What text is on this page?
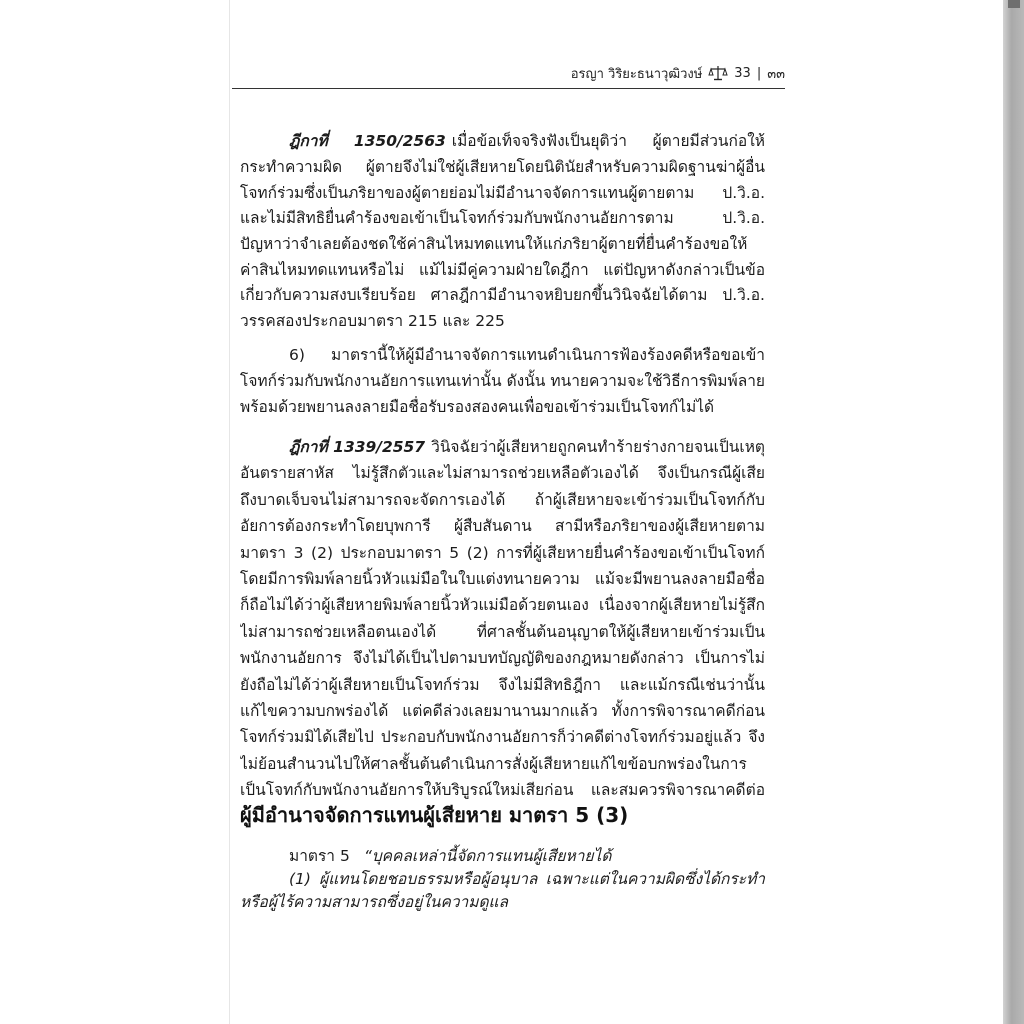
อรญา วิริยะธนาวุฒิวงษ์ 33 | ๓๓
ฎีกาที่ 1350/2563 เมื่อข้อเท็จจริงฟังเป็นยุติว่า ผู้ตายมีส่วนก่อให้
กระทำความผิด ผู้ตายจึงไม่ใช่ผู้เสียหายโดยนิตินัยสำหรับความผิดฐานฆ่าผู้อื่น
โจทก์ร่วมซึ่งเป็นภริยาของผู้ตายย่อมไม่มีอำนาจจัดการแทนผู้ตายตาม ป.วิ.อ.
และไม่มีสิทธิยื่นคำร้องขอเข้าเป็นโจทก์ร่วมกับพนักงานอัยการตาม ป.วิ.อ.
ปัญหาว่าจำเลยต้องชดใช้ค่าสินไหมทดแทนให้แก่ภริยาผู้ตายที่ยื่นคำร้องขอให้
ค่าสินไหมทดแทนหรือไม่ แม้ไม่มีคู่ความฝ่ายใดฎีกา แต่ปัญหาดังกล่าวเป็นข้อ
เกี่ยวกับความสงบเรียบร้อย ศาลฎีกามีอำนาจหยิบยกขึ้นวินิจฉัยได้ตาม ป.วิ.อ.
วรรคสองประกอบมาตรา 215 และ 225
6) มาตรานี้ให้ผู้มีอำนาจจัดการแทนดำเนินการฟ้องร้องคดีหรือขอเข้า
โจทก์ร่วมกับพนักงานอัยการแทนเท่านั้น ดังนั้น ทนายความจะใช้วิธีการพิมพ์ลาย
พร้อมด้วยพยานลงลายมือชื่อรับรองสองคนเพื่อขอเข้าร่วมเป็นโจทก์ไม่ได้
ฎีกาที่ 1339/2557 วินิจฉัยว่าผู้เสียหายถูกคนทำร้ายร่างกายจนเป็นเหตุ
อันตรายสาหัส ไม่รู้สึกตัวและไม่สามารถช่วยเหลือตัวเองได้ จึงเป็นกรณีผู้เสีย
ถึงบาดเจ็บจนไม่สามารถจะจัดการเองได้ ถ้าผู้เสียหายจะเข้าร่วมเป็นโจทก์กับ
อัยการต้องกระทำโดยบุพการี ผู้สืบสันดาน สามีหรือภริยาของผู้เสียหายตาม
มาตรา 3 (2) ประกอบมาตรา 5 (2) การที่ผู้เสียหายยื่นคำร้องขอเข้าเป็นโจทก์
โดยมีการพิมพ์ลายนิ้วหัวแม่มือในใบแต่งทนายความ แม้จะมีพยานลงลายมือชื่อ
ก็ถือไม่ได้ว่าผู้เสียหายพิมพ์ลายนิ้วหัวแม่มือด้วยตนเอง เนื่องจากผู้เสียหายไม่รู้สึก
ไม่สามารถช่วยเหลือตนเองได้ ที่ศาลชั้นต้นอนุญาตให้ผู้เสียหายเข้าร่วมเป็น
พนักงานอัยการ จึงไม่ได้เป็นไปตามบทบัญญัติของกฎหมายดังกล่าว เป็นการไม่
ยังถือไม่ได้ว่าผู้เสียหายเป็นโจทก์ร่วม จึงไม่มีสิทธิฎีกา และแม้กรณีเช่นว่านั้น
แก้ไขความบกพร่องได้ แต่คดีล่วงเลยมานานมากแล้ว ทั้งการพิจารณาคดีก่อน
โจทก์ร่วมมิได้เสียไป ประกอบกับพนักงานอัยการก็ว่าคดีต่างโจทก์ร่วมอยู่แล้ว จึง
ไม่ย้อนสำนวนไปให้ศาลชั้นต้นดำเนินการสั่งผู้เสียหายแก้ไขข้อบกพร่องในการ
เป็นโจทก์กับพนักงานอัยการให้บริบูรณ์ใหม่เสียก่อน และสมควรพิจารณาคดีต่อ
ผู้มีอำนาจจัดการแทนผู้เสียหาย มาตรา 5 (3)
มาตรา 5 “บุคคลเหล่านี้จัดการแทนผู้เสียหายได้
(1) ผู้แทนโดยชอบธรรมหรือผู้อนุบาล เฉพาะแต่ในความผิดซึ่งได้กระทำ
หรือผู้ไร้ความสามารถซึ่งอยู่ในความดูแล
